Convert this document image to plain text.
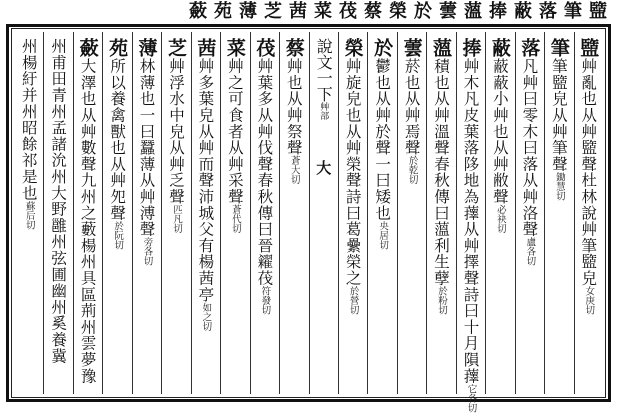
盬
筆
落
蔽
捧
薀
蕓
於
榮
蔡
茷
菜
茜
芝
薄
苑
蘞
盬艸亂也从艸盬聲杜林說艸筆盬皃女庚切
筆筆盬皃从艸筆聲鋤慧切
落凡艸曰零木曰落从艸洛聲盧各切
蔽蔽蔽小艸也从艸敝聲必袂切
捧艸木凡皮葉落陊地為蘀从艸擇聲詩曰十月隕蘀它各切
薀積也从艸溫聲春秋傳曰薀利生孽於粉切
蕓菸也从艸焉聲於乾切
於鬱也从艸於聲一曰矮也央居切
榮艸旋皃也从艸榮聲詩曰葛纍榮之於營切
說文一下艸部大
蔡艸也从艸祭聲蒼大切
茷艸葉多从艸伐聲春秋傳曰晉糴茷符發切
菜艸之可食者从艸采聲蒼代切
茜艸多葉皃从艸而聲沛城父有楊茜亭如之切
芝艸浮水中皃从艸乏聲匹凡切
薄林薄也一曰蠶薄从艸溥聲旁各切
苑所以養禽獸也从艸夗聲於阮切
蘞大澤也从艸數聲九州之藪楊州具區荊州雲夢豫
州甫田青州孟諸沇州大野雝州弦圃幽州奚養冀
州楊紆并州昭餘祁是也蘇后切
